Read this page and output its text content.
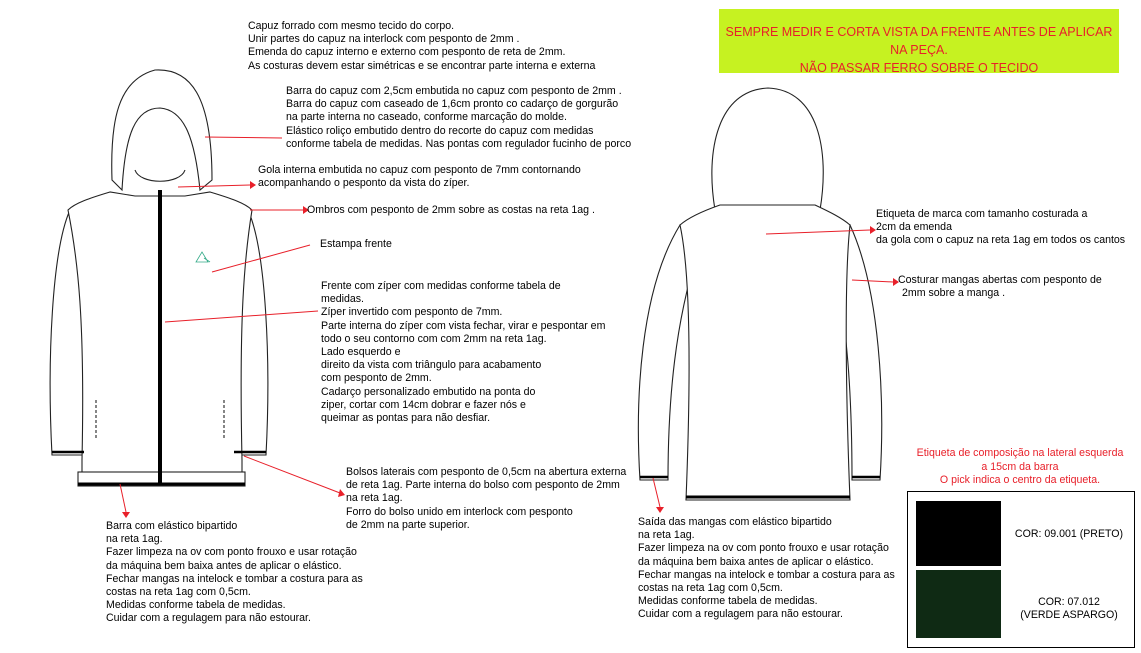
SEMPRE MEDIR E CORTA VISTA DA FRENTE ANTES DE APLICAR NA PEÇA.
NÃO PASSAR FERRO SOBRE O TECIDO
Capuz forrado com mesmo tecido do corpo.
Unir partes do capuz na interlock com pesponto de 2mm .
Emenda do capuz interno e externo com pesponto de reta de 2mm.
As costuras devem estar simétricas e se encontrar parte interna e externa
Barra do capuz com 2,5cm embutida no capuz com pesponto de 2mm .
Barra do capuz com caseado de 1,6cm pronto co cadarço de gorgurão
na parte interna no caseado, conforme marcação do molde.
Elástico roliço embutido dentro do recorte do capuz com medidas
conforme tabela de medidas. Nas pontas com regulador fucinho de porco
Gola interna embutida no capuz com pesponto de 7mm contornando
acompanhando o pesponto da vista do zíper.
Ombros com pesponto de 2mm sobre as costas na reta 1ag .
Estampa frente
Frente com zíper com medidas conforme tabela de
medidas.
Zíper invertido com pesponto de 7mm.
Parte interna do zíper com vista fechar, virar e pespontar em
todo o seu contorno com com 2mm na reta 1ag.
Lado esquerdo e
direito da vista com triângulo para acabamento
com pesponto de 2mm.
Cadarço personalizado embutido na ponta do
ziper, cortar com 14cm dobrar e fazer nós e
queimar as pontas para não desfiar.
Bolsos laterais com pesponto de 0,5cm na abertura externa
de reta 1ag. Parte interna do bolso com pesponto de 2mm
na reta 1ag.
Forro do bolso unido em interlock com pesponto
de 2mm na parte superior.
Barra com elástico bipartido
na reta 1ag.
Fazer limpeza na ov com ponto frouxo e usar rotação
da máquina bem baixa antes de aplicar o elástico.
Fechar mangas na intelock e tombar a costura para as
costas na reta 1ag com 0,5cm.
Medidas conforme tabela de medidas.
Cuidar com a regulagem para não estourar.
Etiqueta de marca com tamanho costurada a
2cm da emenda
da gola com o capuz na reta 1ag em todos os cantos
Costurar mangas abertas com pesponto de
2mm sobre a manga .
Saída das mangas com elástico bipartido
na reta 1ag.
Fazer limpeza na ov com ponto frouxo e usar rotação
da máquina bem baixa antes de aplicar o elástico.
Fechar mangas na intelock e tombar a costura para as
costas na reta 1ag com 0,5cm.
Medidas conforme tabela de medidas.
Cuidar com a regulagem para não estourar.
Etiqueta de composição na lateral esquerda
a 15cm da barra
O pick indica o centro da etiqueta.
COR: 09.001 (PRETO)
COR: 07.012
(VERDE ASPARGO)
